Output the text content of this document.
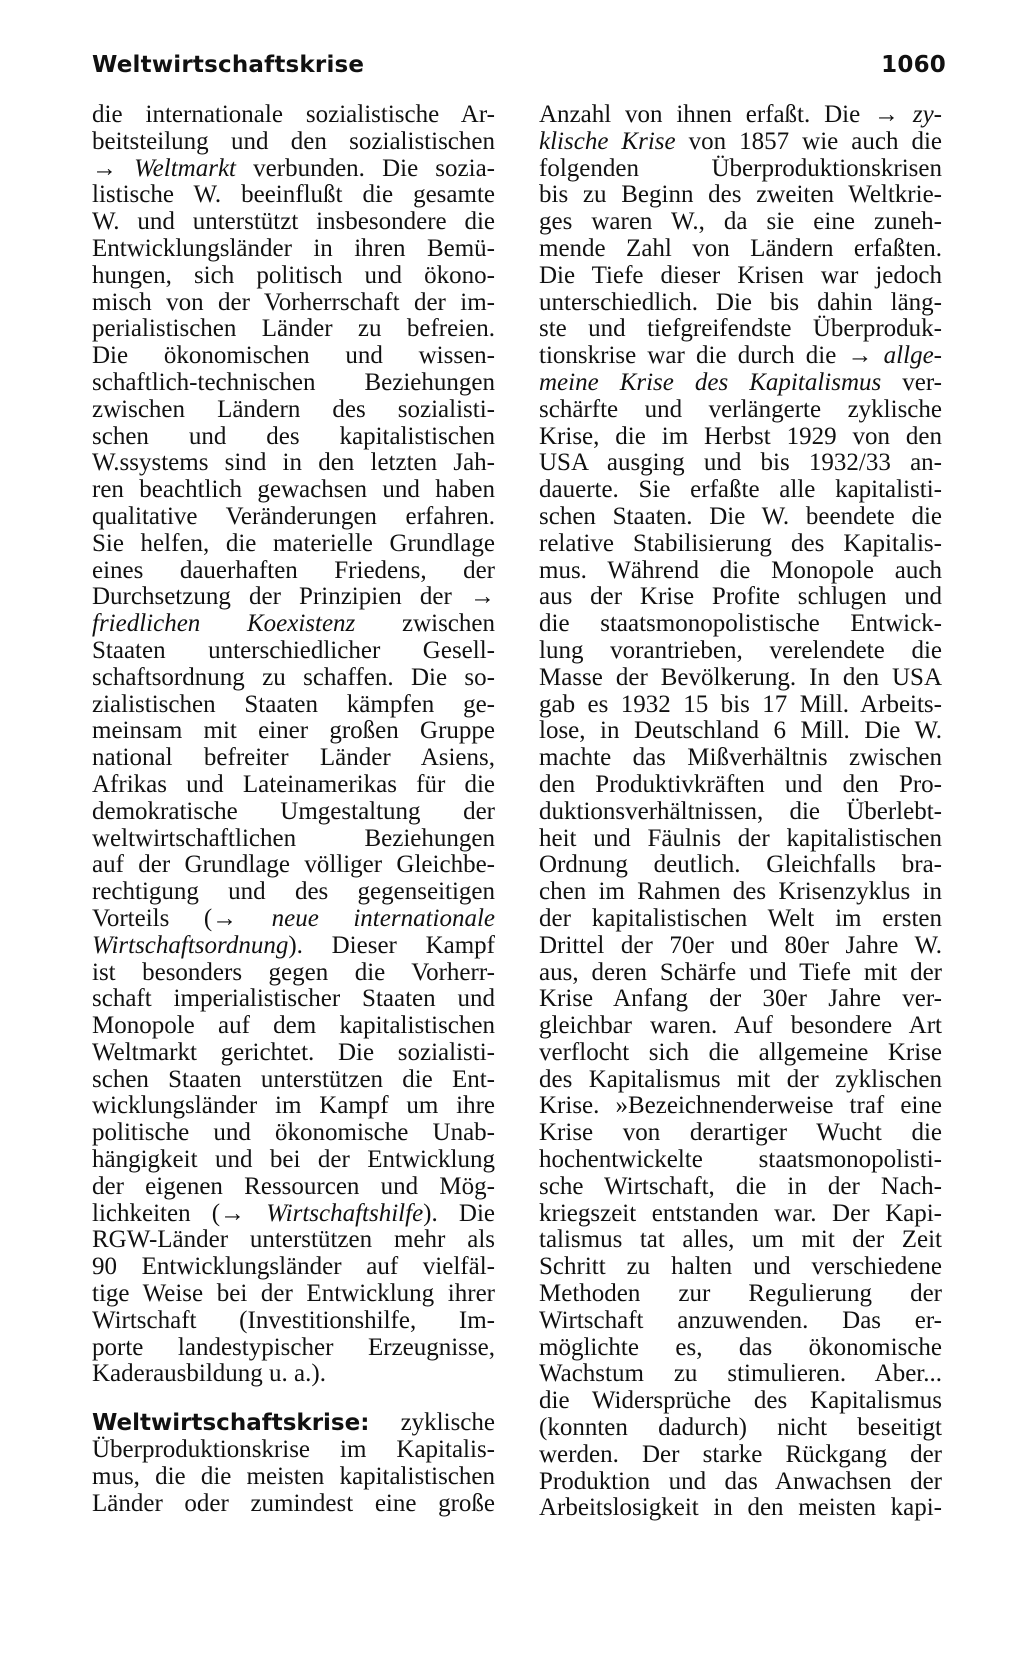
Weltwirtschaftskrise	1060
die internationale sozialistische Ar-
beitsteilung und den sozialistischen
→ Weltmarkt verbunden. Die sozia-
listische W. beeinflußt die gesamte
W. und unterstützt insbesondere die
Entwicklungsländer in ihren Bemü-
hungen, sich politisch und ökono-
misch von der Vorherrschaft der im-
perialistischen Länder zu befreien.
Die ökonomischen und wissen-
schaftlich-technischen Beziehungen
zwischen Ländern des sozialisti-
schen und des kapitalistischen
W.ssystems sind in den letzten Jah-
ren beachtlich gewachsen und haben
qualitative Veränderungen erfahren.
Sie helfen, die materielle Grundlage
eines dauerhaften Friedens, der
Durchsetzung der Prinzipien der →
friedlichen Koexistenz zwischen
Staaten unterschiedlicher Gesell-
schaftsordnung zu schaffen. Die so-
zialistischen Staaten kämpfen ge-
meinsam mit einer großen Gruppe
national befreiter Länder Asiens,
Afrikas und Lateinamerikas für die
demokratische Umgestaltung der
weltwirtschaftlichen Beziehungen
auf der Grundlage völliger Gleichbe-
rechtigung und des gegenseitigen
Vorteils (→ neue internationale
Wirtschaftsordnung). Dieser Kampf
ist besonders gegen die Vorherr-
schaft imperialistischer Staaten und
Monopole auf dem kapitalistischen
Weltmarkt gerichtet. Die sozialisti-
schen Staaten unterstützen die Ent-
wicklungsländer im Kampf um ihre
politische und ökonomische Unab-
hängigkeit und bei der Entwicklung
der eigenen Ressourcen und Mög-
lichkeiten (→ Wirtschaftshilfe). Die
RGW-Länder unterstützen mehr als
90 Entwicklungsländer auf vielfäl-
tige Weise bei der Entwicklung ihrer
Wirtschaft (Investitionshilfe, Im-
porte landestypischer Erzeugnisse,
Kaderausbildung u. a.).
Weltwirtschaftskrise: zyklische
Überproduktionskrise im Kapitalis-
mus, die die meisten kapitalistischen
Länder oder zumindest eine große
Anzahl von ihnen erfaßt. Die → zy-
klische Krise von 1857 wie auch die
folgenden Überproduktionskrisen
bis zu Beginn des zweiten Weltkrie-
ges waren W., da sie eine zuneh-
mende Zahl von Ländern erfaßten.
Die Tiefe dieser Krisen war jedoch
unterschiedlich. Die bis dahin läng-
ste und tiefgreifendste Überproduk-
tionskrise war die durch die → allge-
meine Krise des Kapitalismus ver-
schärfte und verlängerte zyklische
Krise, die im Herbst 1929 von den
USA ausging und bis 1932/33 an-
dauerte. Sie erfaßte alle kapitalisti-
schen Staaten. Die W. beendete die
relative Stabilisierung des Kapitalis-
mus. Während die Monopole auch
aus der Krise Profite schlugen und
die staatsmonopolistische Entwick-
lung vorantrieben, verelendete die
Masse der Bevölkerung. In den USA
gab es 1932 15 bis 17 Mill. Arbeits-
lose, in Deutschland 6 Mill. Die W.
machte das Mißverhältnis zwischen
den Produktivkräften und den Pro-
duktionsverhältnissen, die Überlebt-
heit und Fäulnis der kapitalistischen
Ordnung deutlich. Gleichfalls bra-
chen im Rahmen des Krisenzyklus in
der kapitalistischen Welt im ersten
Drittel der 70er und 80er Jahre W.
aus, deren Schärfe und Tiefe mit der
Krise Anfang der 30er Jahre ver-
gleichbar waren. Auf besondere Art
verflocht sich die allgemeine Krise
des Kapitalismus mit der zyklischen
Krise. »Bezeichnenderweise traf eine
Krise von derartiger Wucht die
hochentwickelte staatsmonopolisti-
sche Wirtschaft, die in der Nach-
kriegszeit entstanden war. Der Kapi-
talismus tat alles, um mit der Zeit
Schritt zu halten und verschiedene
Methoden zur Regulierung der
Wirtschaft anzuwenden. Das er-
möglichte es, das ökonomische
Wachstum zu stimulieren. Aber...
die Widersprüche des Kapitalismus
(konnten dadurch) nicht beseitigt
werden. Der starke Rückgang der
Produktion und das Anwachsen der
Arbeitslosigkeit in den meisten kapi-
